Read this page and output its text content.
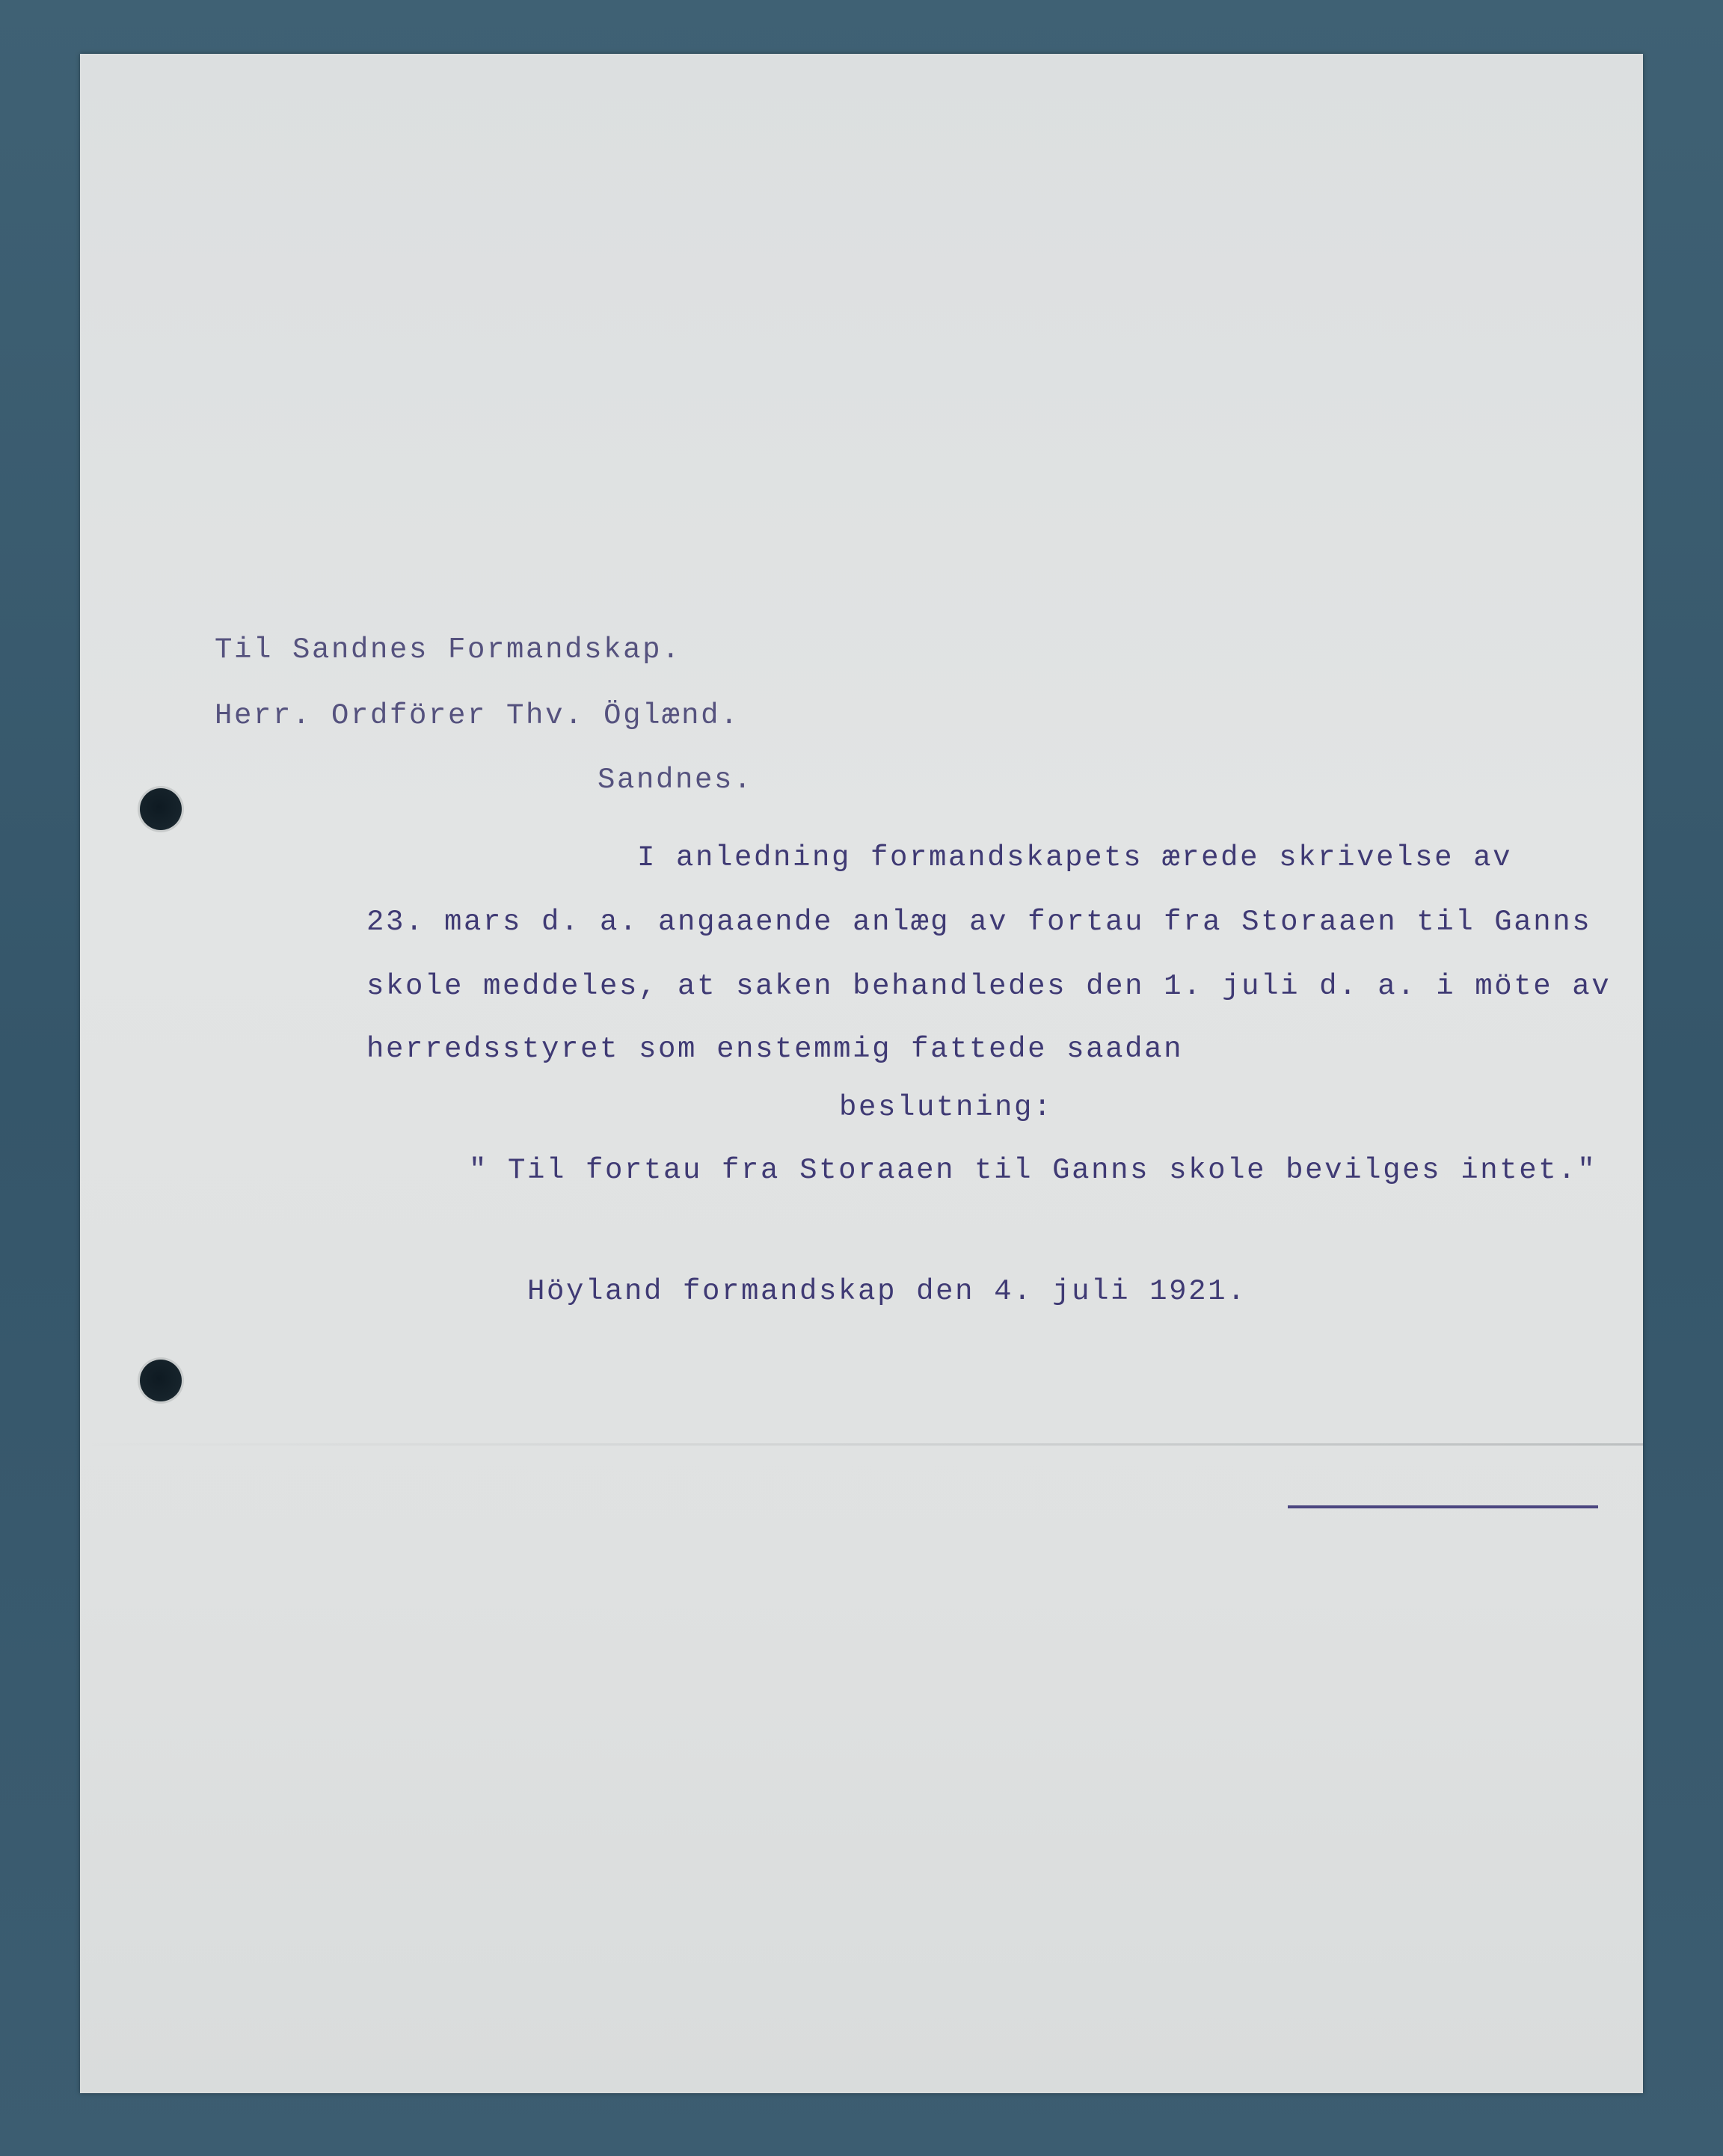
Til Sandnes Formandskap.
Herr. Ordförer Thv. Öglænd.
Sandnes.
I anledning formandskapets ærede skrivelse av
23. mars d. a. angaaende anlæg av fortau fra Storaaen til Ganns
skole meddeles, at saken behandledes den 1. juli d. a. i möte av
herredsstyret som enstemmig fattede saadan
beslutning:
" Til fortau fra Storaaen til Ganns skole bevilges intet."
Höyland formandskap den 4. juli 1921.
